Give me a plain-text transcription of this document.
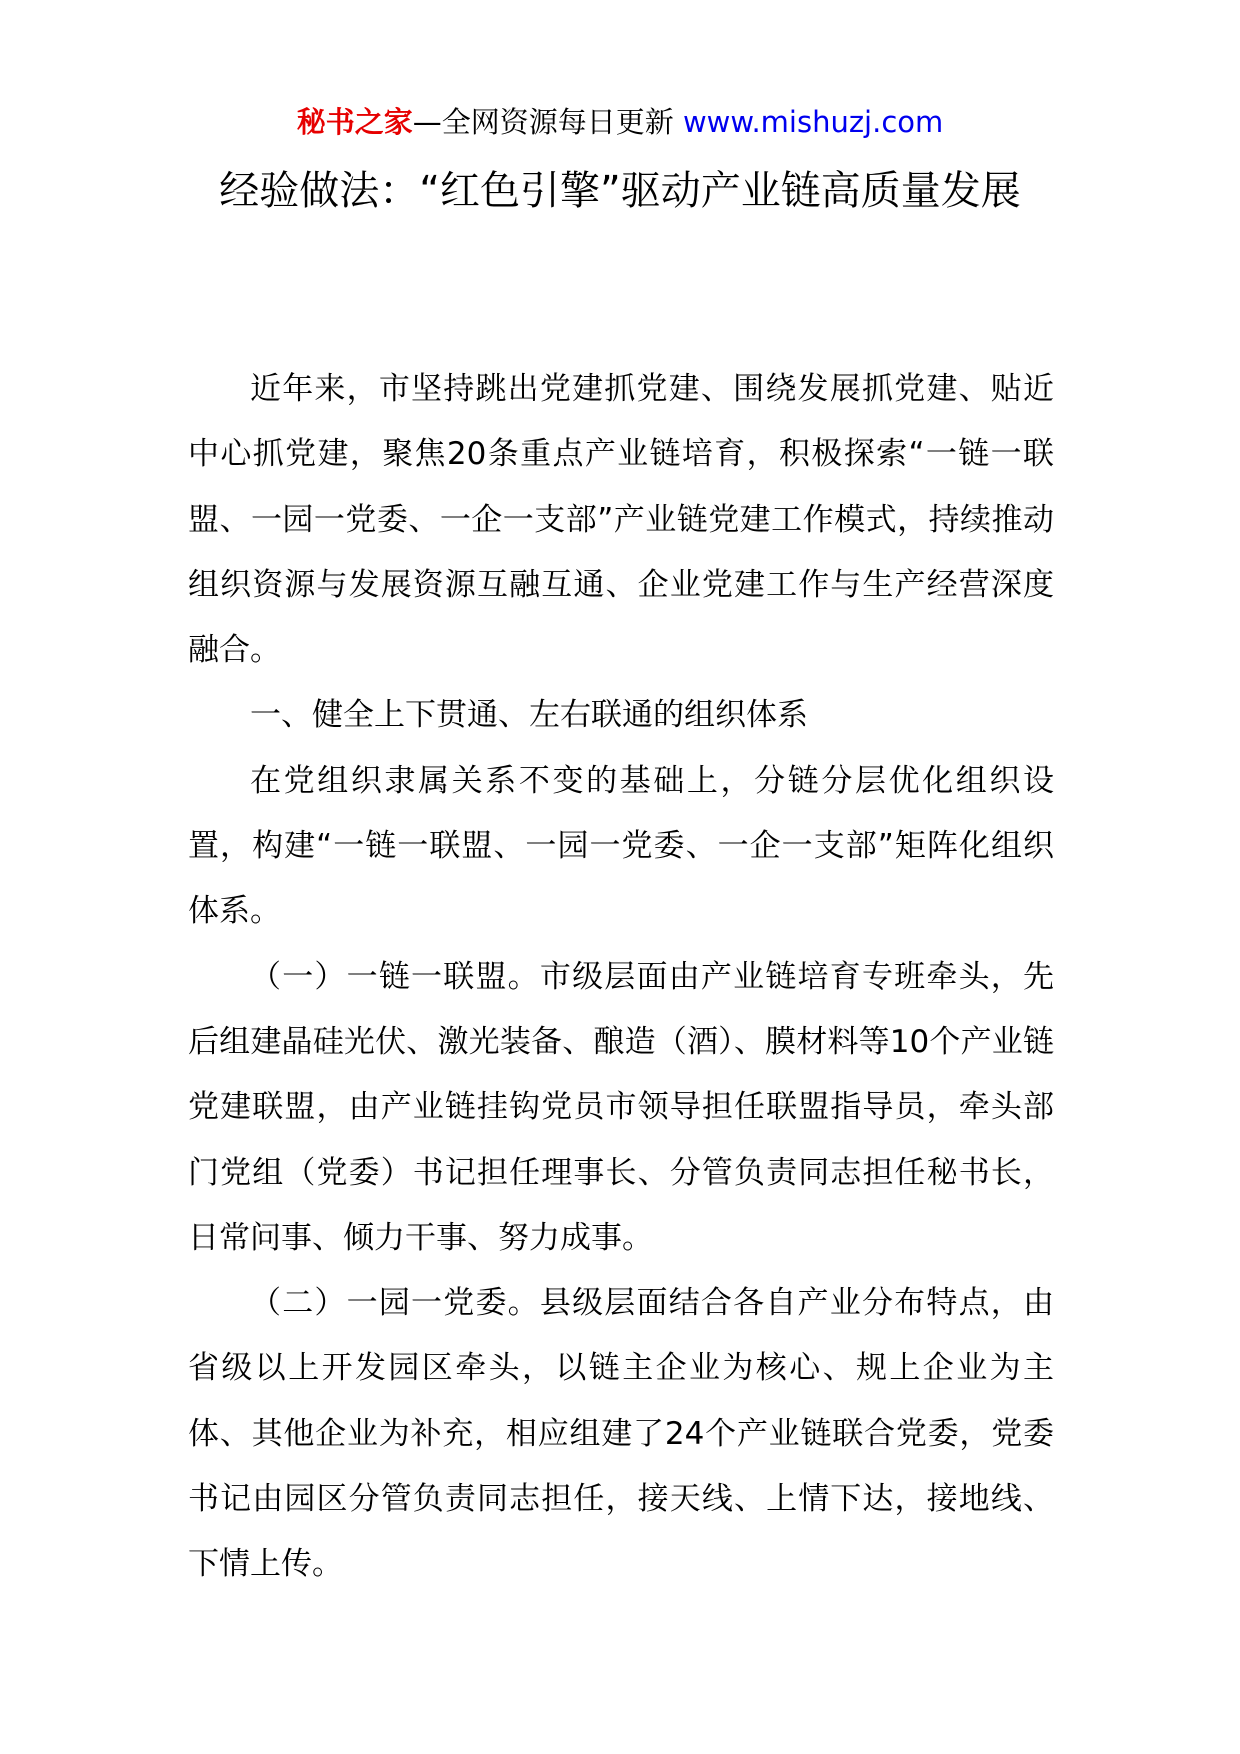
秘书之家—全网资源每日更新 www.mishuzj.com
经验做法：“红色引擎”驱动产业链高质量发展

近年来，市坚持跳出党建抓党建、围绕发展抓党建、贴近中心抓党建，聚焦20条重点产业链培育，积极探索“一链一联盟、一园一党委、一企一支部”产业链党建工作模式，持续推动组织资源与发展资源互融互通、企业党建工作与生产经营深度融合。

一、健全上下贯通、左右联通的组织体系

在党组织隶属关系不变的基础上，分链分层优化组织设置，构建“一链一联盟、一园一党委、一企一支部”矩阵化组织体系。

（一）一链一联盟。市级层面由产业链培育专班牵头，先后组建晶硅光伏、激光装备、酿造（酒）、膜材料等10个产业链党建联盟，由产业链挂钩党员市领导担任联盟指导员，牵头部门党组（党委）书记担任理事长、分管负责同志担任秘书长，日常问事、倾力干事、努力成事。

（二）一园一党委。县级层面结合各自产业分布特点，由省级以上开发园区牵头，以链主企业为核心、规上企业为主体、其他企业为补充，相应组建了24个产业链联合党委，党委书记由园区分管负责同志担任，接天线、上情下达，接地线、下情上传。
